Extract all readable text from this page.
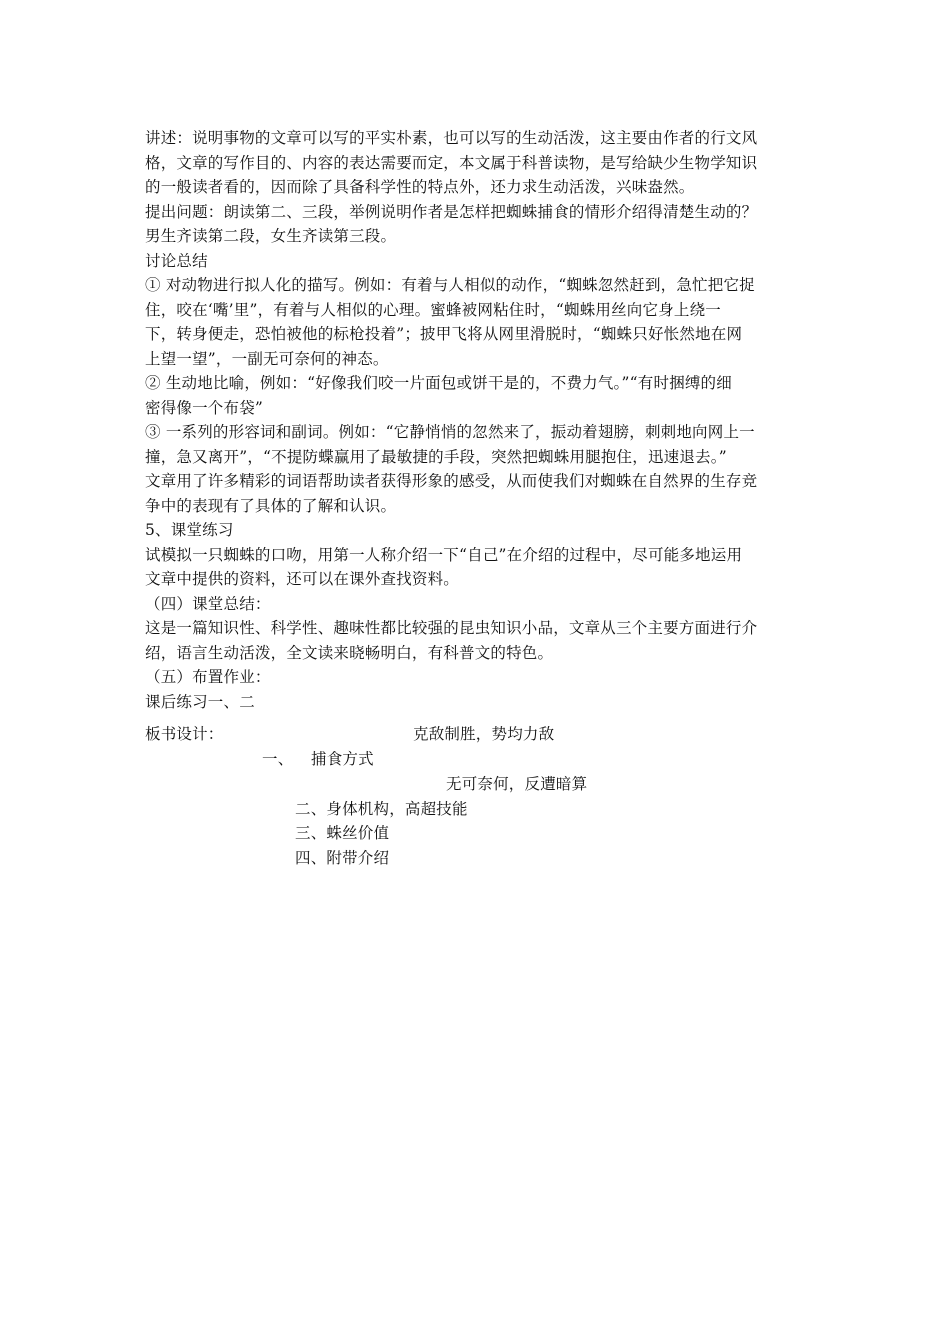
讲述：说明事物的文章可以写的平实朴素，也可以写的生动活泼，这主要由作者的行文风
格，文章的写作目的、内容的表达需要而定，本文属于科普读物，是写给缺少生物学知识
的一般读者看的，因而除了具备科学性的特点外，还力求生动活泼，兴味盎然。
提出问题：朗读第二、三段，举例说明作者是怎样把蜘蛛捕食的情形介绍得清楚生动的？
男生齐读第二段，女生齐读第三段。
讨论总结
① 对动物进行拟人化的描写。例如：有着与人相似的动作，“蜘蛛忽然赶到，急忙把它捉
住，咬在‘嘴’里”，有着与人相似的心理。蜜蜂被网粘住时，“蜘蛛用丝向它身上绕一
下，转身便走，恐怕被他的标枪投着”；披甲飞将从网里滑脱时，“蜘蛛只好怅然地在网
上望一望”，一副无可奈何的神态。
② 生动地比喻，例如：“好像我们咬一片面包或饼干是的，不费力气。”“有时捆缚的细
密得像一个布袋”
③ 一系列的形容词和副词。例如：“它静悄悄的忽然来了，振动着翅膀，刺刺地向网上一
撞，急又离开”，“不提防蝶赢用了最敏捷的手段，突然把蜘蛛用腿抱住，迅速退去。”
文章用了许多精彩的词语帮助读者获得形象的感受，从而使我们对蜘蛛在自然界的生存竞
争中的表现有了具体的了解和认识。
5、课堂练习
试模拟一只蜘蛛的口吻，用第一人称介绍一下“自己”在介绍的过程中，尽可能多地运用
文章中提供的资料，还可以在课外查找资料。
（四）课堂总结：
这是一篇知识性、科学性、趣味性都比较强的昆虫知识小品，文章从三个主要方面进行介
绍，语言生动活泼，全文读来晓畅明白，有科普文的特色。
（五）布置作业：
课后练习一、二
板书设计：	克敌制胜，势均力敌
一、 捕食方式
无可奈何，反遭暗算
二、身体机构，高超技能
三、蛛丝价值
四、附带介绍
